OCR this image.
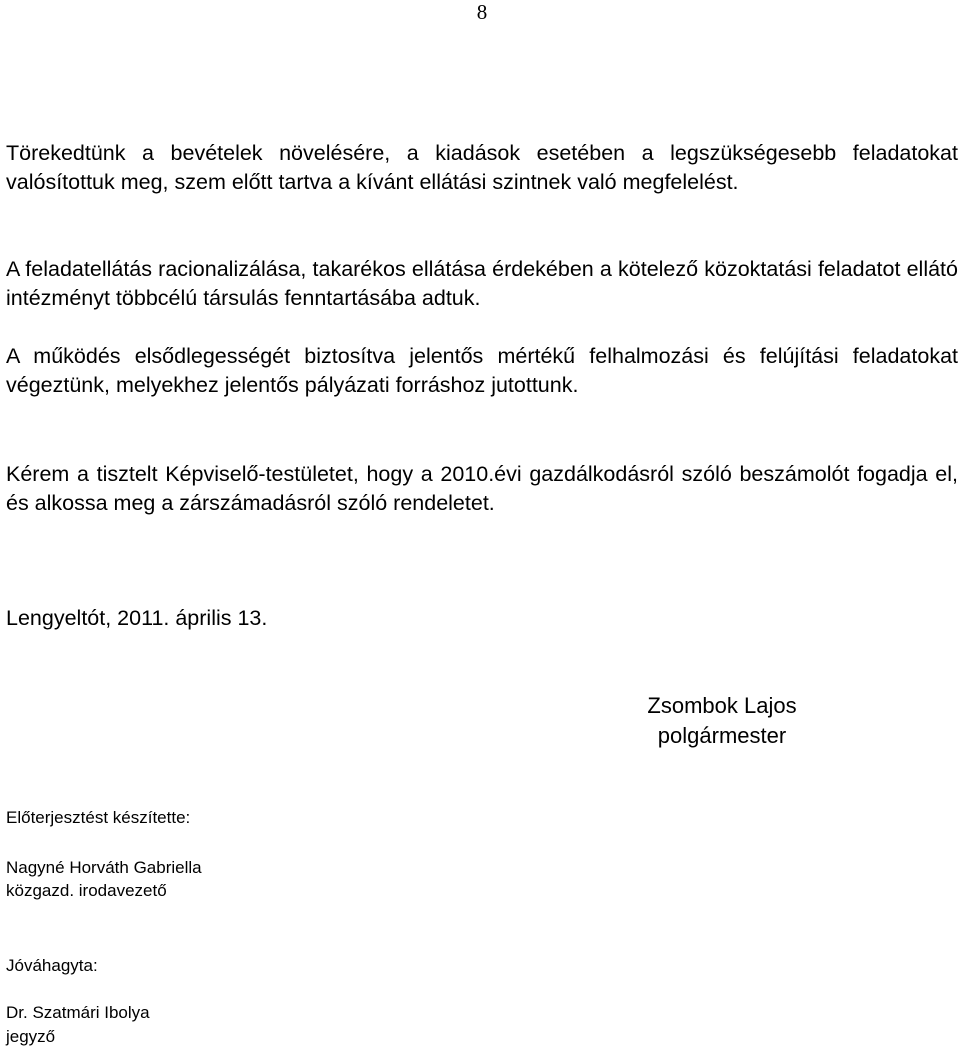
8

Törekedtünk a bevételek növelésére, a kiadások esetében a legszükségesebb feladatokat valósítottuk meg, szem előtt tartva a kívánt ellátási szintnek való megfelelést.

A feladatellátás racionalizálása, takarékos ellátása érdekében a kötelező közoktatási feladatot ellátó intézményt többcélú társulás fenntartásába adtuk.

A működés elsődlegességét biztosítva jelentős mértékű felhalmozási és felújítási feladatokat végeztünk, melyekhez jelentős pályázati forráshoz jutottunk.

Kérem a tisztelt Képviselő-testületet, hogy a 2010.évi gazdálkodásról szóló beszámolót fogadja el, és alkossa meg a zárszámadásról szóló rendeletet.

Lengyeltót, 2011. április 13.

Zsombok Lajos
polgármester

Előterjesztést készítette:

Nagyné Horváth Gabriella

közgazd. irodavezető

Jóváhagyta:

Dr. Szatmári Ibolya

jegyző
